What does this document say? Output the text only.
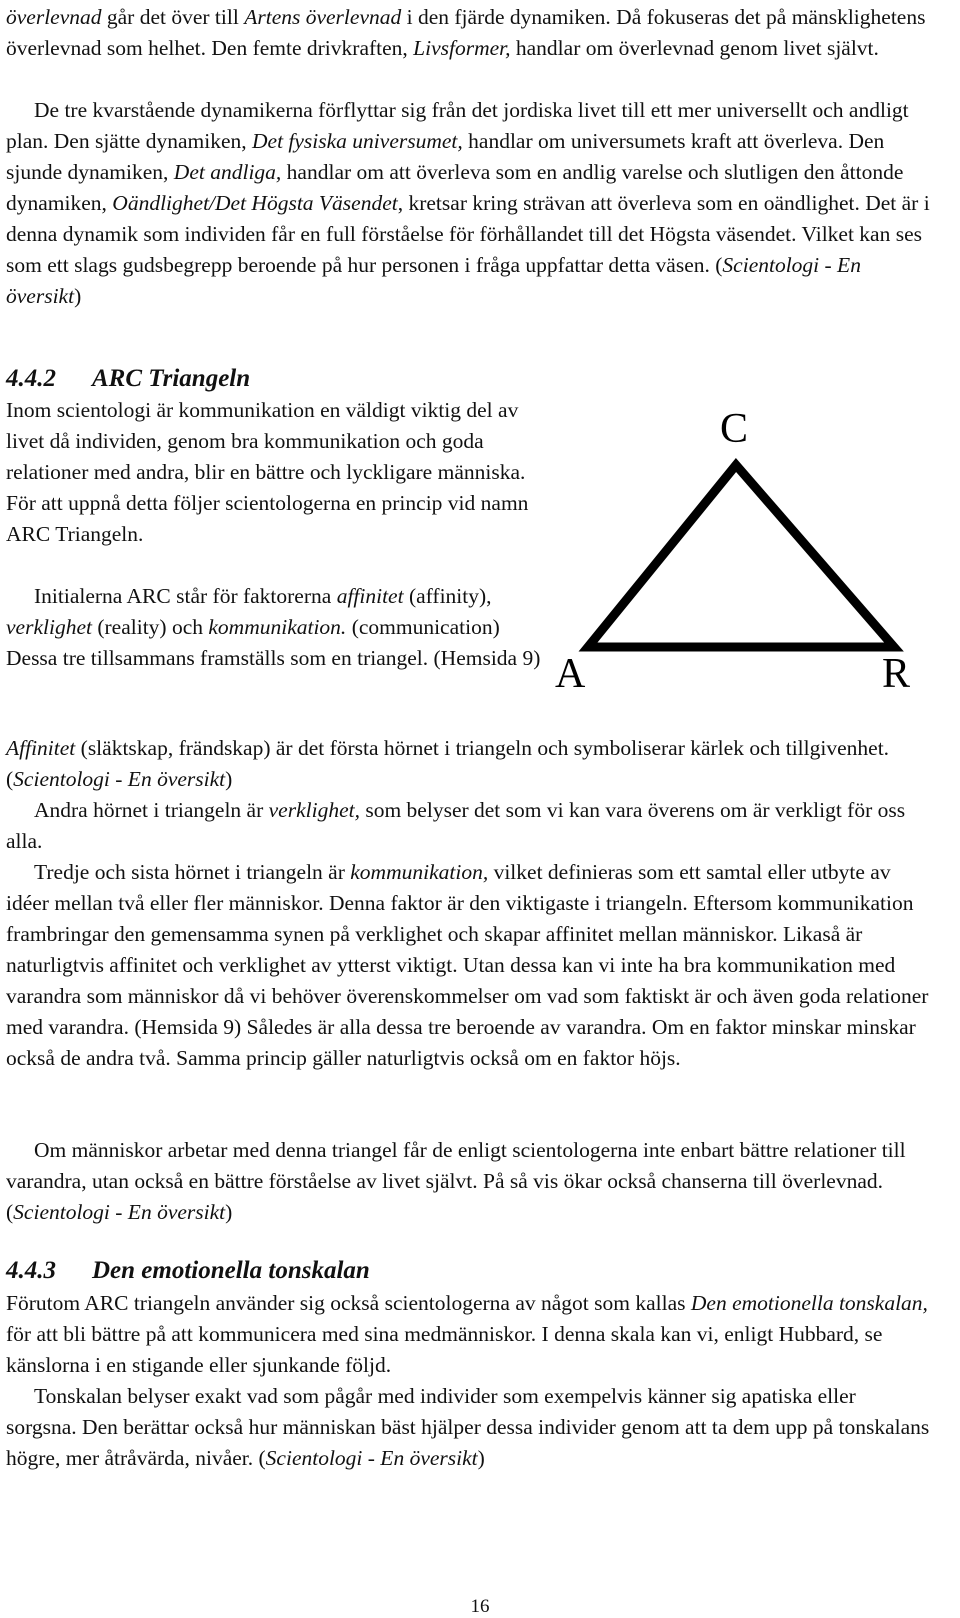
överlevnad går det över till Artens överlevnad i den fjärde dynamiken. Då fokuseras det på mänsklighetens överlevnad som helhet. Den femte drivkraften, Livsformer, handlar om överlevnad genom livet självt.

De tre kvarstående dynamikerna förflyttar sig från det jordiska livet till ett mer universellt och andligt plan. Den sjätte dynamiken, Det fysiska universumet, handlar om universumets kraft att överleva. Den sjunde dynamiken, Det andliga, handlar om att överleva som en andlig varelse och slutligen den åttonde dynamiken, Oändlighet/Det Högsta Väsendet, kretsar kring strävan att överleva som en oändlighet. Det är i denna dynamik som individen får en full förståelse för förhållandet till det Högsta väsendet. Vilket kan ses som ett slags gudsbegrepp beroende på hur personen i fråga uppfattar detta väsen. (Scientologi - En översikt)

4.4.2 ARC Triangeln

Inom scientologi är kommunikation en väldigt viktig del av livet då individen, genom bra kommunikation och goda relationer med andra, blir en bättre och lyckligare människa. För att uppnå detta följer scientologerna en princip vid namn ARC Triangeln.

Initialerna ARC står för faktorerna affinitet (affinity), verklighet (reality) och kommunikation. (communication) Dessa tre tillsammans framställs som en triangel. (Hemsida 9)

C
A	R

Affinitet (släktskap, frändskap) är det första hörnet i triangeln och symboliserar kärlek och tillgivenhet. (Scientologi - En översikt)

Andra hörnet i triangeln är verklighet, som belyser det som vi kan vara överens om är verkligt för oss alla.

Tredje och sista hörnet i triangeln är kommunikation, vilket definieras som ett samtal eller utbyte av idéer mellan två eller fler människor. Denna faktor är den viktigaste i triangeln. Eftersom kommunikation frambringar den gemensamma synen på verklighet och skapar affinitet mellan människor. Likaså är naturligtvis affinitet och verklighet av ytterst viktigt. Utan dessa kan vi inte ha bra kommunikation med varandra som människor då vi behöver överenskommelser om vad som faktiskt är och även goda relationer med varandra. (Hemsida 9) Således är alla dessa tre beroende av varandra. Om en faktor minskar minskar också de andra två. Samma princip gäller naturligtvis också om en faktor höjs.

Om människor arbetar med denna triangel får de enligt scientologerna inte enbart bättre relationer till varandra, utan också en bättre förståelse av livet självt. På så vis ökar också chanserna till överlevnad. (Scientologi - En översikt)

4.4.3 Den emotionella tonskalan

Förutom ARC triangeln använder sig också scientologerna av något som kallas Den emotionella tonskalan, för att bli bättre på att kommunicera med sina medmänniskor. I denna skala kan vi, enligt Hubbard, se känslorna i en stigande eller sjunkande följd.

Tonskalan belyser exakt vad som pågår med individer som exempelvis känner sig apatiska eller sorgsna. Den berättar också hur människan bäst hjälper dessa individer genom att ta dem upp på tonskalans högre, mer åtråvärda, nivåer. (Scientologi - En översikt)

16
